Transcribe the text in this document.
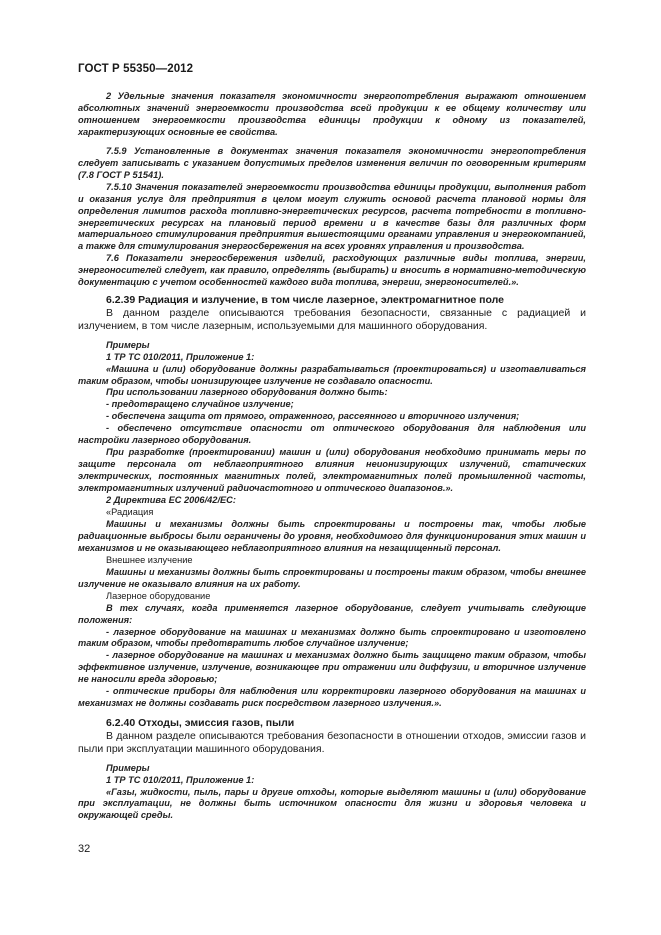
ГОСТ Р 55350—2012

2 Удельные значения показателя экономичности энергопотребления выражают отношением абсолютных значений энергоемкости производства всей продукции к ее общему количеству или отношением энергоемкости производства единицы продукции к одному из показателей, характеризующих основные ее свойства.

7.5.9 Установленные в документах значения показателя экономичности энергопотребления следует записывать с указанием допустимых пределов изменения величин по оговоренным критериям (7.8 ГОСТ Р 51541).

7.5.10 Значения показателей энергоемкости производства единицы продукции, выполнения работ и оказания услуг для предприятия в целом могут служить основой расчета плановой нормы для определения лимитов расхода топливно-энергетических ресурсов, расчета потребности в топливно-энергетических ресурсах на плановый период времени и в качестве базы для различных форм материального стимулирования предприятия вышестоящими органами управления и энергокомпанией, а также для стимулирования энергосбережения на всех уровнях управления и производства.

7.6 Показатели энергосбережения изделий, расходующих различные виды топлива, энергии, энергоносителей следует, как правило, определять (выбирать) и вносить в нормативно-методическую документацию с учетом особенностей каждого вида топлива, энергии, энергоносителей.».

6.2.39 Радиация и излучение, в том числе лазерное, электромагнитное поле

В данном разделе описываются требования безопасности, связанные с радиацией и излучением, в том числе лазерным, используемыми для машинного оборудования.

Примеры

1 ТР ТС 010/2011, Приложение 1:

«Машина и (или) оборудование должны разрабатываться (проектироваться) и изготавливаться таким образом, чтобы ионизирующее излучение не создавало опасности.

При использовании лазерного оборудования должно быть:

- предотвращено случайное излучение;

- обеспечена защита от прямого, отраженного, рассеянного и вторичного излучения;

- обеспечено отсутствие опасности от оптического оборудования для наблюдения или настройки лазерного оборудования.

При разработке (проектировании) машин и (или) оборудования необходимо принимать меры по защите персонала от неблагоприятного влияния неионизирующих излучений, статических электрических, постоянных магнитных полей, электромагнитных полей промышленной частоты, электромагнитных излучений радиочастотного и оптического диапазонов.».

2 Директива ЕС 2006/42/ЕС:

«Радиация

Машины и механизмы должны быть спроектированы и построены так, чтобы любые радиационные выбросы были ограничены до уровня, необходимого для функционирования этих машин и механизмов и не оказывающего неблагоприятного влияния на незащищенный персонал.

Внешнее излучение

Машины и механизмы должны быть спроектированы и построены таким образом, чтобы внешнее излучение не оказывало влияния на их работу.

Лазерное оборудование

В тех случаях, когда применяется лазерное оборудование, следует учитывать следующие положения:

- лазерное оборудование на машинах и механизмах должно быть спроектировано и изготовлено таким образом, чтобы предотвратить любое случайное излучение;

- лазерное оборудование на машинах и механизмах должно быть защищено таким образом, чтобы эффективное излучение, излучение, возникающее при отражении или диффузии, и вторичное излучение не наносили вреда здоровью;

- оптические приборы для наблюдения или корректировки лазерного оборудования на машинах и механизмах не должны создавать риск посредством лазерного излучения.».

6.2.40 Отходы, эмиссия газов, пыли

В данном разделе описываются требования безопасности в отношении отходов, эмиссии газов и пыли при эксплуатации машинного оборудования.

Примеры

1 ТР ТС 010/2011, Приложение 1:

«Газы, жидкости, пыль, пары и другие отходы, которые выделяют машины и (или) оборудование при эксплуатации, не должны быть источником опасности для жизни и здоровья человека и окружающей среды.

32
